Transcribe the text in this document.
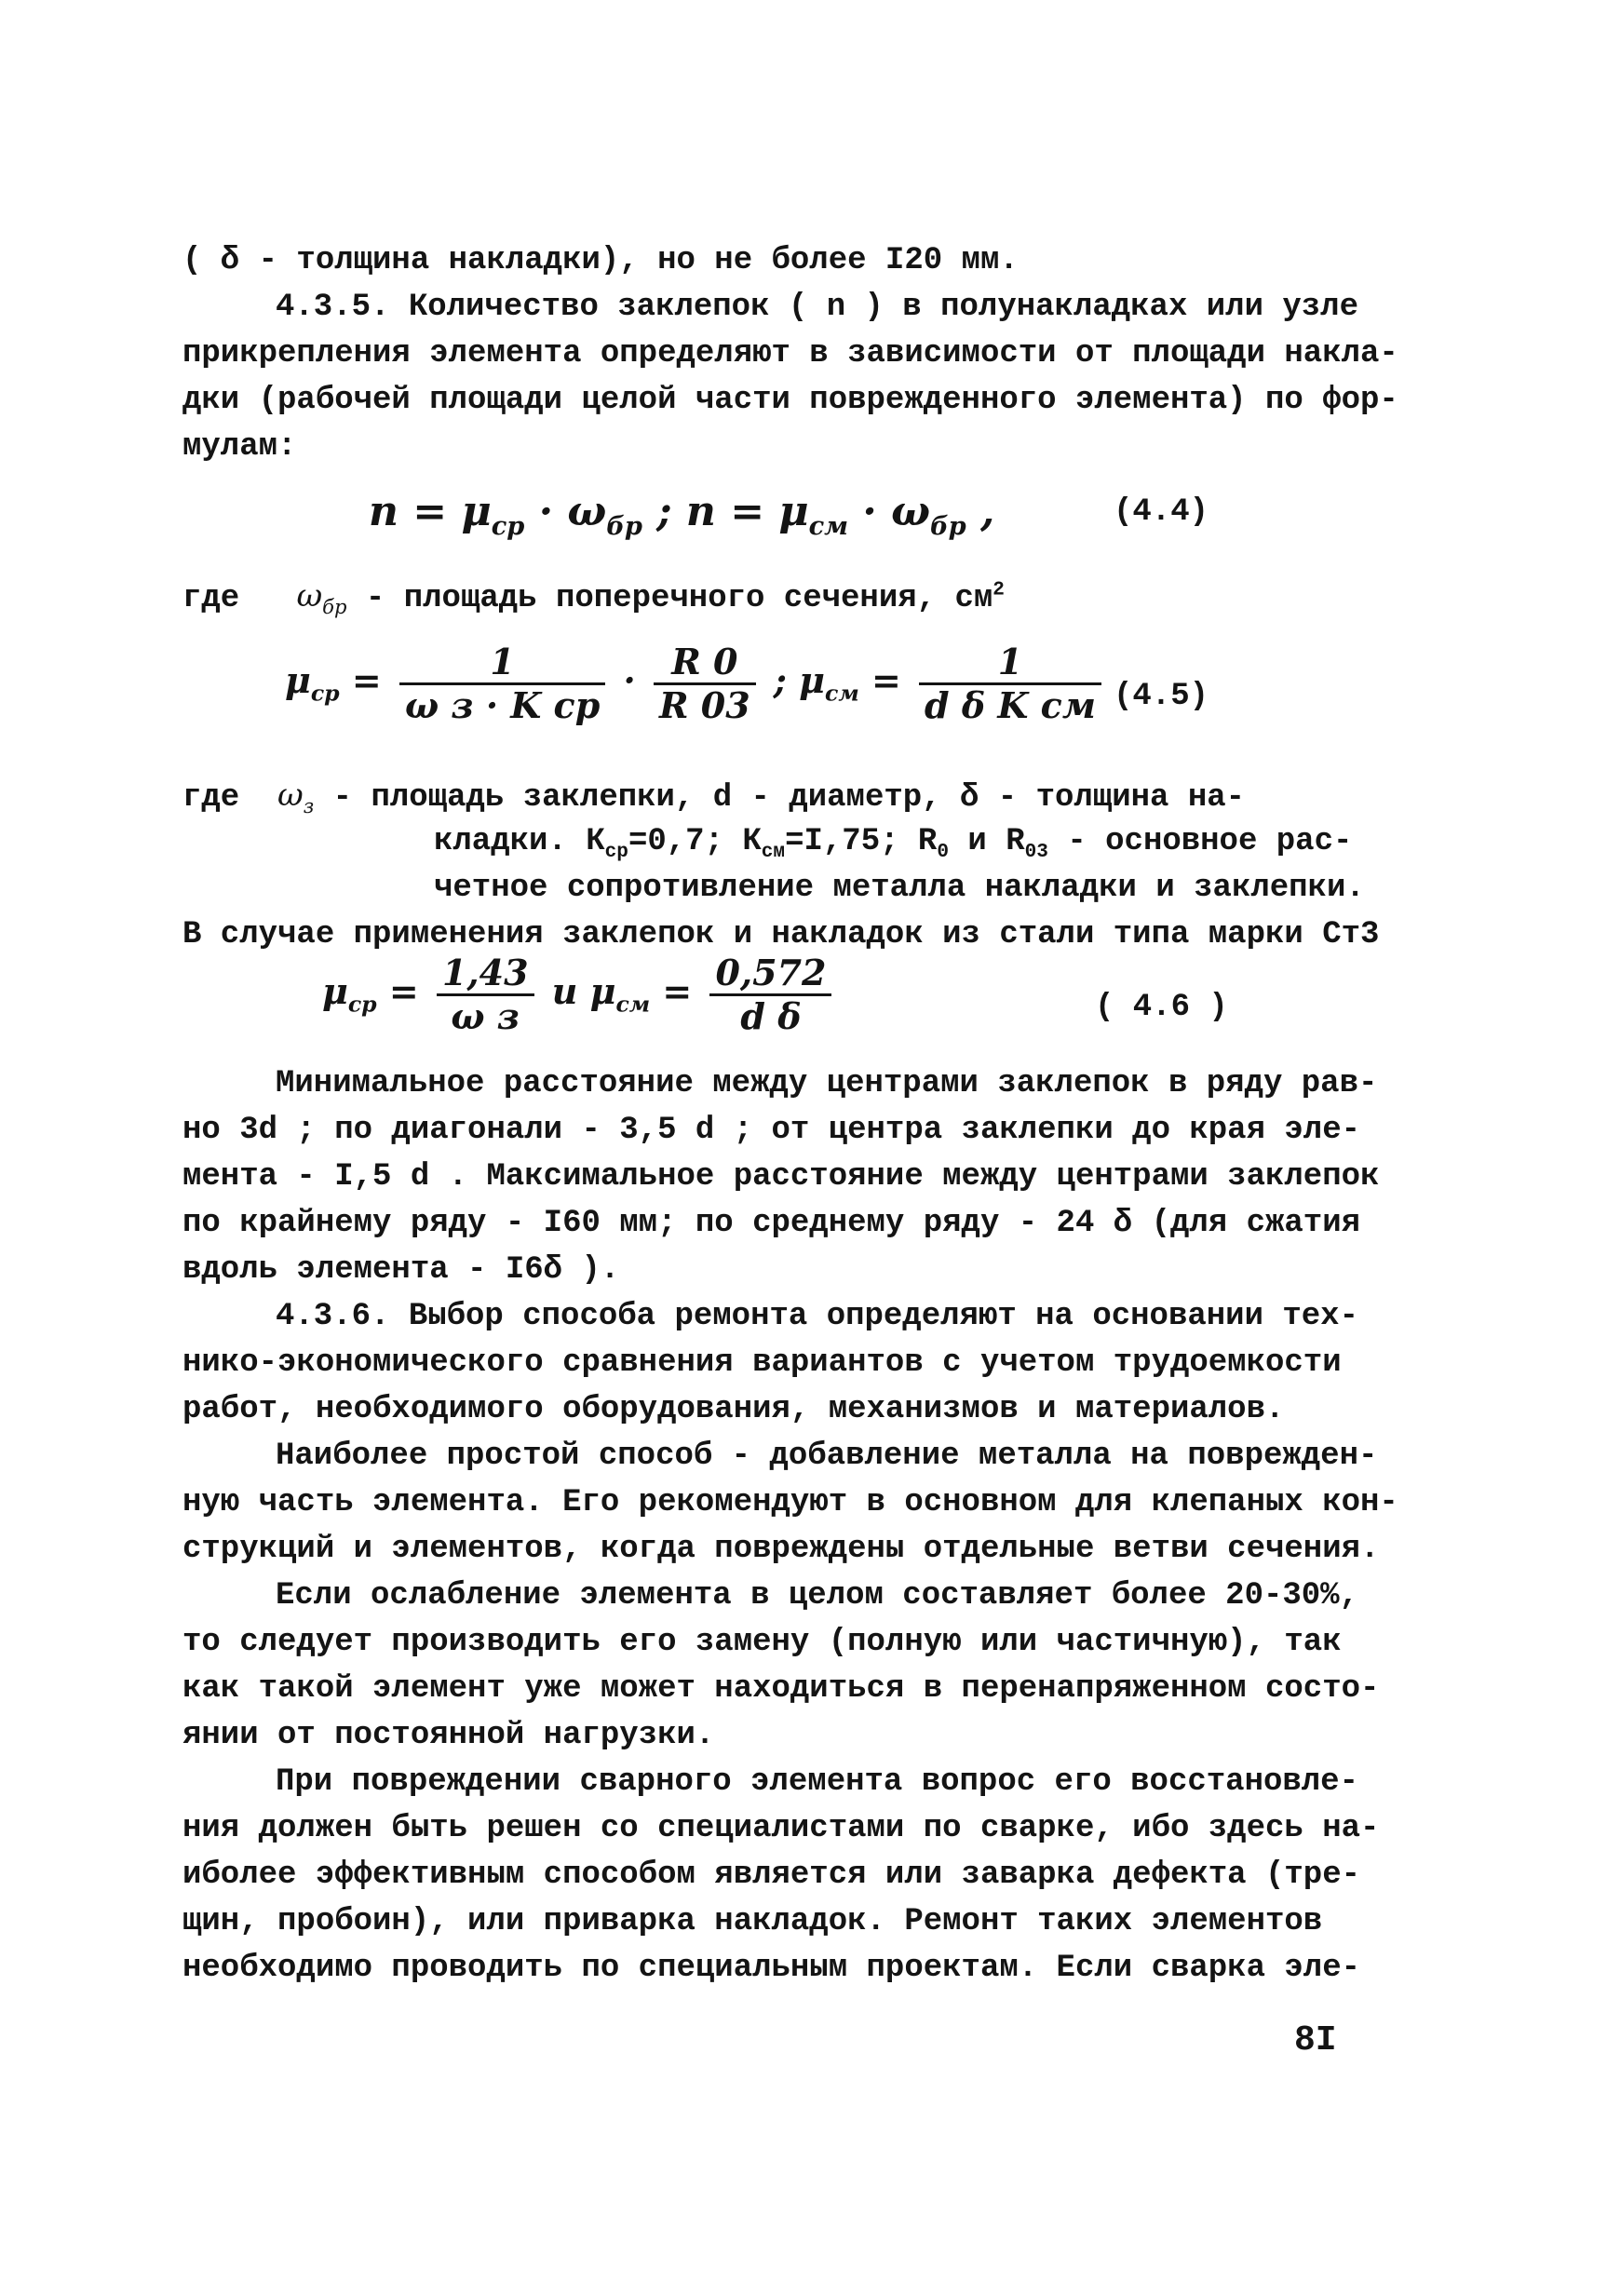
( δ - толщина накладки), но не более I20 мм.
4.3.5. Количество заклепок ( n ) в полунакладках или узле
прикрепления элемента определяют в зависимости от площади накла-
дки (рабочей площади целой части поврежденного элемента) по фор-
мулам:
$n = \mu_{ср} \cdot \omega_{бр}$ ; $n = \mu_{см} \cdot \omega_{бр}$ ,	(4.4)
где $\omega_{бр}$ - площадь поперечного сечения, $см^2$
$\mu_{ср} = \frac{1}{\text{ω з · K ср}} \cdot \frac{R 0}{R 03}$ ; $\mu_{см} = \frac{1}{\text{d δ K см}} (4.5)$
где $\omega_з$ - площадь заклепки, d - диаметр, δ - толщина на-
кладки. $К_{ср}=0,7$; $К_{см}=I,75$; $R_0$ и $R_{03}$ - основное рас-
четное сопротивление металла накладки и заклепки.
В случае применения заклепок и накладок из стали типа марки Ст3
$\mu_{ср} = \frac{1,43}{\text{ω з}}$ и $\mu_{см} = \frac{0,572}{\text{d δ}}$	( 4.6 )
Минимальное расстояние между центрами заклепок в ряду рав-
но 3d ; по диагонали - 3,5 d ; от центра заклепки до края эле-
мента - I,5 d . Максимальное расстояние между центрами заклепок
по крайнему ряду - I60 мм; по среднему ряду - 24 δ (для сжатия
вдоль элемента - I6δ ).
4.3.6. Выбор способа ремонта определяют на основании тех-
нико-экономического сравнения вариантов с учетом трудоемкости
работ, необходимого оборудования, механизмов и материалов.
Наиболее простой способ - добавление металла на поврежден-
ную часть элемента. Его рекомендуют в основном для клепаных кон-
струкций и элементов, когда повреждены отдельные ветви сечения.
Если ослабление элемента в целом составляет более 20-30%,
то следует производить его замену (полную или частичную), так
как такой элемент уже может находиться в перенапряженном состо-
янии от постоянной нагрузки.
При повреждении сварного элемента вопрос его восстановле-
ния должен быть решен со специалистами по сварке, ибо здесь на-
иболее эффективным способом является или заварка дефекта (тре-
щин, пробоин), или приварка накладок. Ремонт таких элементов
необходимо проводить по специальным проектам. Если сварка эле-
8I
